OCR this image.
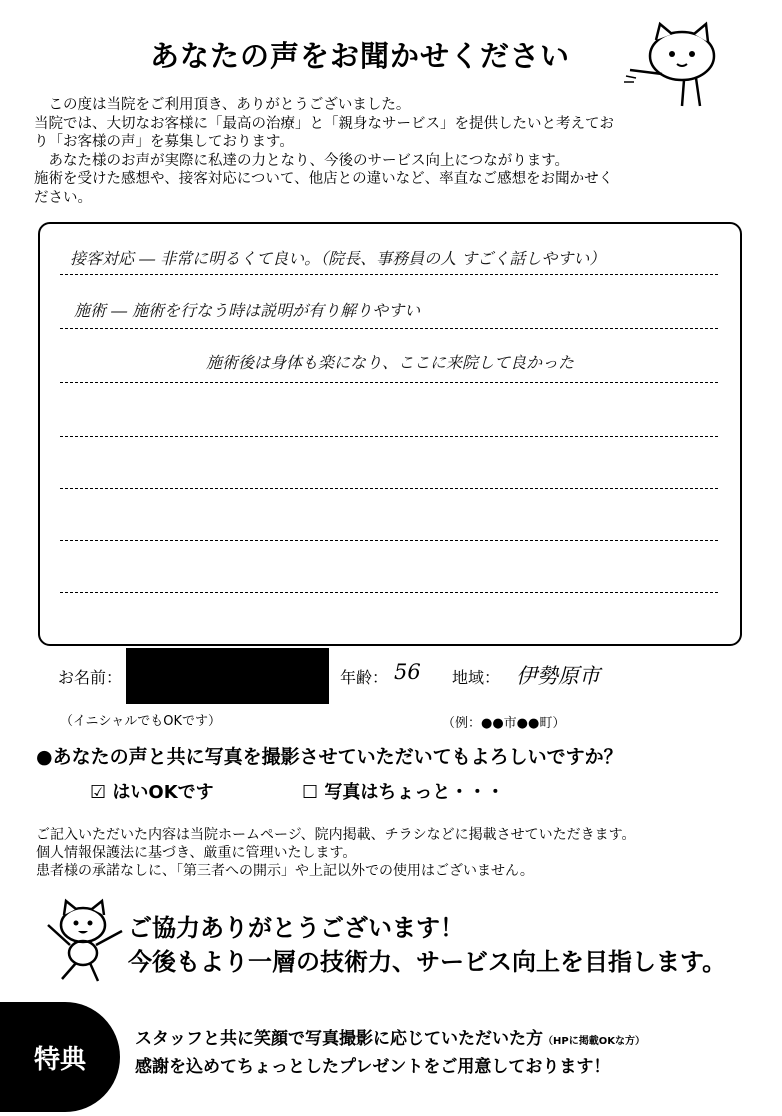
あなたの声をお聞かせください

この度は当院をご利用頂き、ありがとうございました。

当院では、大切なお客様に「最高の治療」と「親身なサービス」を提供したいと考えてお

り「お客様の声」を募集しております。

あなた様のお声が実際に私達の力となり、今後のサービス向上につながります。

施術を受けた感想や、接客対応について、他店との違いなど、率直なご感想をお聞かせく

ださい。

接客対応 ― 非常に明るくて良い。（院長、事務員の人 すごく話しやすい）
施術 ― 施術を行なう時は説明が有り解りやすい
施術後は身体も楽になり、ここに来院して良かった
お名前：	年齢： 56 地域： 伊勢原市
（イニシャルでもOKです）	（例：●●市●●町）
●あなたの声と共に写真を撮影させていただいてもよろしいですか？
☑ はいOKです	☐ 写真はちょっと・・・

ご記入いただいた内容は当院ホームページ、院内掲載、チラシなどに掲載させていただきます。

個人情報保護法に基づき、厳重に管理いたします。

患者様の承諾なしに、「第三者への開示」や上記以外での使用はございません。

ご協力ありがとうございます！
今後もより一層の技術力、サービス向上を目指します。
特典
スタッフと共に笑顔で写真撮影に応じていただいた方（HPに掲載OKな方）
感謝を込めてちょっとしたプレゼントをご用意しております！
